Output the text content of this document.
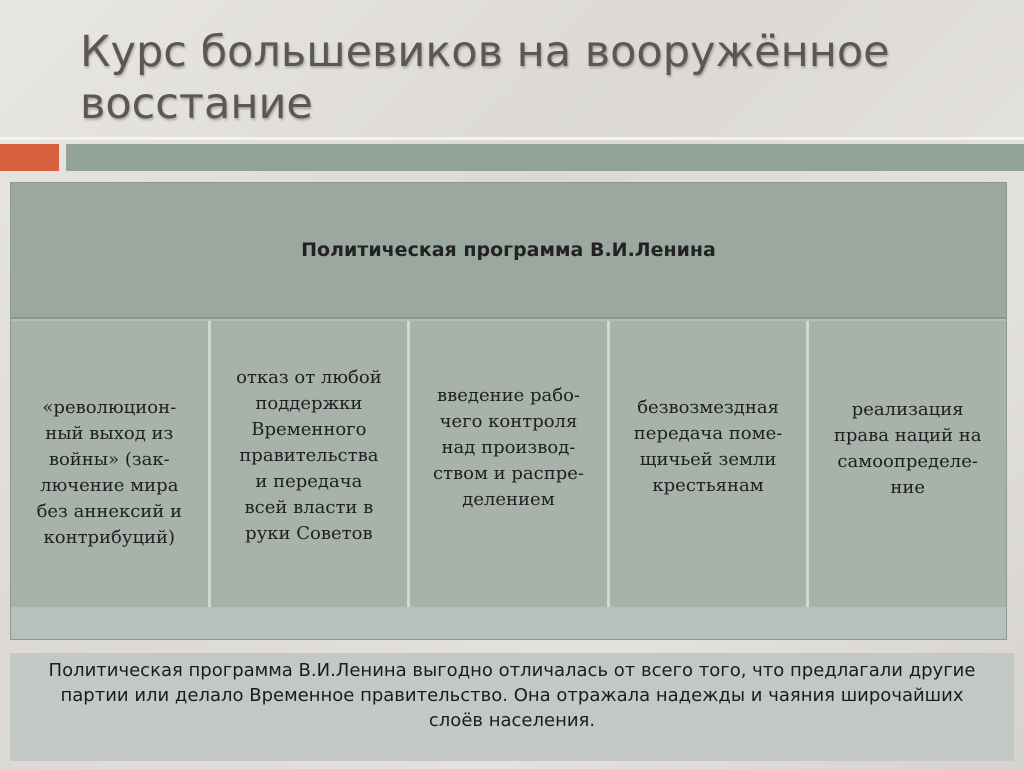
Курс большевиков на вооружённое восстание
Политическая программа В.И.Ленина
«революцион-
ный выход из
войны» (зак-
лючение мира
без аннексий и
контрибуций)
отказ от любой
поддержки
Временного
правительства
и передача
всей власти в
руки Советов
введение рабо-
чего контроля
над производ-
ством и распре-
делением
безвозмездная
передача поме-
щичьей земли
крестьянам
реализация
права наций на
самоопределе-
ние

Политическая программа В.И.Ленина выгодно отличалась от всего того, что предлагали другие партии или делало Временное правительство. Она отражала надежды и чаяния широчайших слоёв населения.
